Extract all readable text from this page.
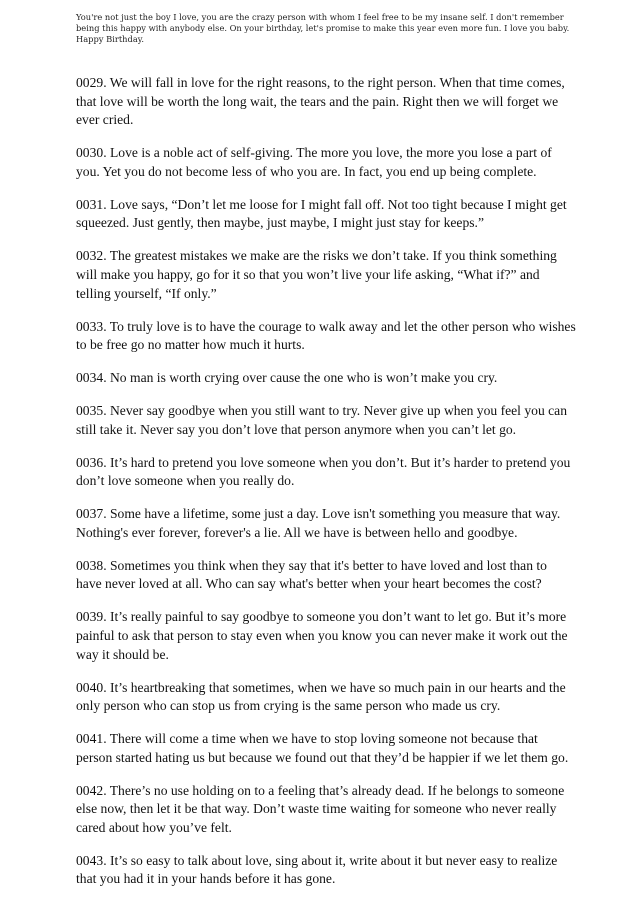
You're not just the boy I love, you are the crazy person with whom I feel free to be my insane self. I don't remember being this happy with anybody else. On your birthday, let's promise to make this year even more fun. I love you baby. Happy Birthday.

0029. We will fall in love for the right reasons, to the right person. When that time comes, that love will be worth the long wait, the tears and the pain. Right then we will forget we ever cried.

0030. Love is a noble act of self-giving. The more you love, the more you lose a part of you. Yet you do not become less of who you are. In fact, you end up being complete.

0031. Love says, “Don’t let me loose for I might fall off. Not too tight because I might get squeezed. Just gently, then maybe, just maybe, I might just stay for keeps.”

0032. The greatest mistakes we make are the risks we don’t take. If you think something will make you happy, go for it so that you won’t live your life asking, “What if?” and telling yourself, “If only.”

0033. To truly love is to have the courage to walk away and let the other person who wishes to be free go no matter how much it hurts.

0034. No man is worth crying over cause the one who is won’t make you cry.

0035. Never say goodbye when you still want to try. Never give up when you feel you can still take it. Never say you don’t love that person anymore when you can’t let go.

0036. It’s hard to pretend you love someone when you don’t. But it’s harder to pretend you don’t love someone when you really do.

0037. Some have a lifetime, some just a day. Love isn't something you measure that way. Nothing's ever forever, forever's a lie. All we have is between hello and goodbye.

0038. Sometimes you think when they say that it's better to have loved and lost than to have never loved at all. Who can say what's better when your heart becomes the cost?

0039. It’s really painful to say goodbye to someone you don’t want to let go. But it’s more painful to ask that person to stay even when you know you can never make it work out the way it should be.

0040. It’s heartbreaking that sometimes, when we have so much pain in our hearts and the only person who can stop us from crying is the same person who made us cry.

0041. There will come a time when we have to stop loving someone not because that person started hating us but because we found out that they’d be happier if we let them go.

0042. There’s no use holding on to a feeling that’s already dead. If he belongs to someone else now, then let it be that way. Don’t waste time waiting for someone who never really cared about how you’ve felt.

0043. It’s so easy to talk about love, sing about it, write about it but never easy to realize that you had it in your hands before it has gone.
